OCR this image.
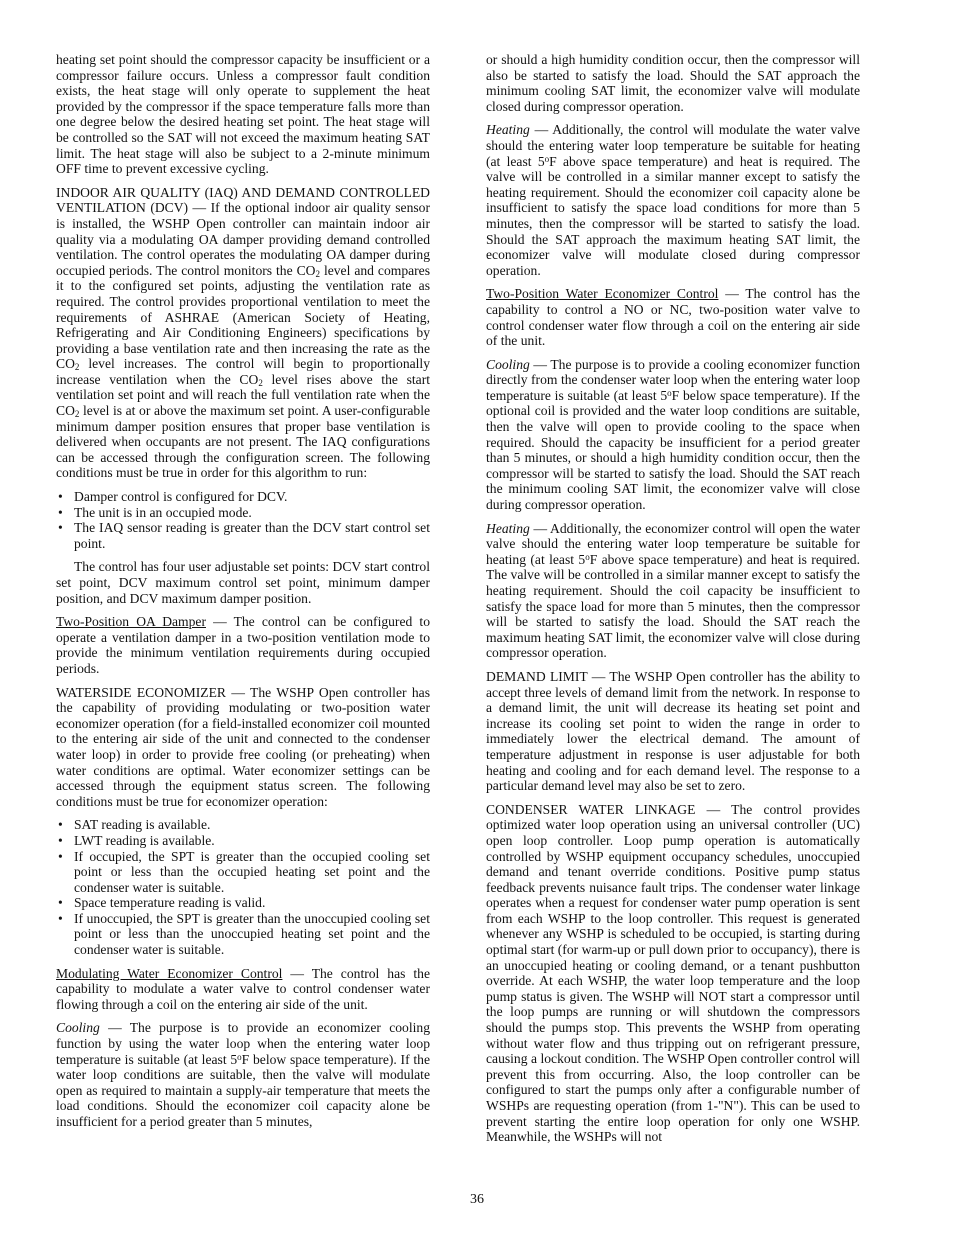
heating set point should the compressor capacity be insufficient or a compressor failure occurs. Unless a compressor fault condition exists, the heat stage will only operate to supplement the heat provided by the compressor if the space temperature falls more than one degree below the desired heating set point. The heat stage will be controlled so the SAT will not exceed the maximum heating SAT limit. The heat stage will also be subject to a 2-minute minimum OFF time to prevent excessive cycling.

INDOOR AIR QUALITY (IAQ) AND DEMAND CONTROLLED VENTILATION (DCV) — If the optional indoor air quality sensor is installed, the WSHP Open controller can maintain indoor air quality via a modulating OA damper providing demand controlled ventilation. The control operates the modulating OA damper during occupied periods. The control monitors the $CO_2$ level and compares it to the configured set points, adjusting the ventilation rate as required. The control provides proportional ventilation to meet the requirements of ASHRAE (American Society of Heating, Refrigerating and Air Conditioning Engineers) specifications by providing a base ventilation rate and then increasing the rate as the $CO_2$ level increases. The control will begin to proportionally increase ventilation when the $CO_2$ level rises above the start ventilation set point and will reach the full ventilation rate when the $CO_2$ level is at or above the maximum set point. A user-configurable minimum damper position ensures that proper base ventilation is delivered when occupants are not present. The IAQ configurations can be accessed through the configuration screen. The following conditions must be true in order for this algorithm to run:

• Damper control is configured for DCV.
• The unit is in an occupied mode.
• The IAQ sensor reading is greater than the DCV start control set point.

The control has four user adjustable set points: DCV start control set point, DCV maximum control set point, minimum damper position, and DCV maximum damper position.

Two-Position OA Damper — The control can be configured to operate a ventilation damper in a two-position ventilation mode to provide the minimum ventilation requirements during occupied periods.

WATERSIDE ECONOMIZER — The WSHP Open controller has the capability of providing modulating or two-position water economizer operation (for a field-installed economizer coil mounted to the entering air side of the unit and connected to the condenser water loop) in order to provide free cooling (or preheating) when water conditions are optimal. Water economizer settings can be accessed through the equipment status screen. The following conditions must be true for economizer operation:

• SAT reading is available.
• LWT reading is available.
• If occupied, the SPT is greater than the occupied cooling set point or less than the occupied heating set point and the condenser water is suitable.
• Space temperature reading is valid.
• If unoccupied, the SPT is greater than the unoccupied cooling set point or less than the unoccupied heating set point and the condenser water is suitable.

Modulating Water Economizer Control — The control has the capability to modulate a water valve to control condenser water flowing through a coil on the entering air side of the unit.

Cooling — The purpose is to provide an economizer cooling function by using the water loop when the entering water loop temperature is suitable (at least 5$^o$F below space temperature). If the water loop conditions are suitable, then the valve will modulate open as required to maintain a supply-air temperature that meets the load conditions. Should the economizer coil capacity alone be insufficient for a period greater than 5 minutes,

or should a high humidity condition occur, then the compressor will also be started to satisfy the load. Should the SAT approach the minimum cooling SAT limit, the economizer valve will modulate closed during compressor operation.

Heating — Additionally, the control will modulate the water valve should the entering water loop temperature be suitable for heating (at least 5$^o$F above space temperature) and heat is required. The valve will be controlled in a similar manner except to satisfy the heating requirement. Should the economizer coil capacity alone be insufficient to satisfy the space load conditions for more than 5 minutes, then the compressor will be started to satisfy the load. Should the SAT approach the maximum heating SAT limit, the economizer valve will modulate closed during compressor operation.

Two-Position Water Economizer Control — The control has the capability to control a NO or NC, two-position water valve to control condenser water flow through a coil on the entering air side of the unit.

Cooling — The purpose is to provide a cooling economizer function directly from the condenser water loop when the entering water loop temperature is suitable (at least 5$^o$F below space temperature). If the optional coil is provided and the water loop conditions are suitable, then the valve will open to provide cooling to the space when required. Should the capacity be insufficient for a period greater than 5 minutes, or should a high humidity condition occur, then the compressor will be started to satisfy the load. Should the SAT reach the minimum cooling SAT limit, the economizer valve will close during compressor operation.

Heating — Additionally, the economizer control will open the water valve should the entering water loop temperature be suitable for heating (at least 5$^o$F above space temperature) and heat is required. The valve will be controlled in a similar manner except to satisfy the heating requirement. Should the coil capacity be insufficient to satisfy the space load for more than 5 minutes, then the compressor will be started to satisfy the load. Should the SAT reach the maximum heating SAT limit, the economizer valve will close during compressor operation.

DEMAND LIMIT — The WSHP Open controller has the ability to accept three levels of demand limit from the network. In response to a demand limit, the unit will decrease its heating set point and increase its cooling set point to widen the range in order to immediately lower the electrical demand. The amount of temperature adjustment in response is user adjustable for both heating and cooling and for each demand level. The response to a particular demand level may also be set to zero.

CONDENSER WATER LINKAGE — The control provides optimized water loop operation using an universal controller (UC) open loop controller. Loop pump operation is automatically controlled by WSHP equipment occupancy schedules, unoccupied demand and tenant override conditions. Positive pump status feedback prevents nuisance fault trips. The condenser water linkage operates when a request for condenser water pump operation is sent from each WSHP to the loop controller. This request is generated whenever any WSHP is scheduled to be occupied, is starting during optimal start (for warm-up or pull down prior to occupancy), there is an unoccupied heating or cooling demand, or a tenant pushbutton override. At each WSHP, the water loop temperature and the loop pump status is given. The WSHP will NOT start a compressor until the loop pumps are running or will shutdown the compressors should the pumps stop. This prevents the WSHP from operating without water flow and thus tripping out on refrigerant pressure, causing a lockout condition. The WSHP Open controller control will prevent this from occurring. Also, the loop controller can be configured to start the pumps only after a configurable number of WSHPs are requesting operation (from 1-"N"). This can be used to prevent starting the entire loop operation for only one WSHP. Meanwhile, the WSHPs will not

36
